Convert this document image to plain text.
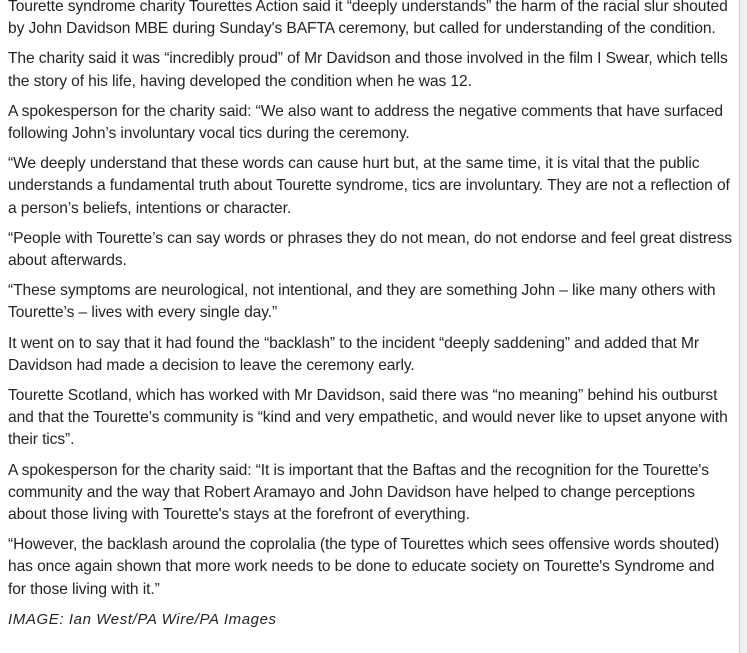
Tourette syndrome charity Tourettes Action said it “deeply understands” the harm of the racial slur shouted by John Davidson MBE during Sunday's BAFTA ceremony, but called for understanding of the condition.

The charity said it was “incredibly proud” of Mr Davidson and those involved in the film I Swear, which tells the story of his life, having developed the condition when he was 12.

A spokesperson for the charity said: “We also want to address the negative comments that have surfaced following John’s involuntary vocal tics during the ceremony.

“We deeply understand that these words can cause hurt but, at the same time, it is vital that the public understands a fundamental truth about Tourette syndrome, tics are involuntary. They are not a reflection of a person’s beliefs, intentions or character.

“People with Tourette’s can say words or phrases they do not mean, do not endorse and feel great distress about afterwards.

“These symptoms are neurological, not intentional, and they are something John – like many others with Tourette’s – lives with every single day.”

It went on to say that it had found the “backlash” to the incident “deeply saddening” and added that Mr Davidson had made a decision to leave the ceremony early.

Tourette Scotland, which has worked with Mr Davidson, said there was “no meaning” behind his outburst and that the Tourette’s community is “kind and very empathetic, and would never like to upset anyone with their tics”.

A spokesperson for the charity said: “It is important that the Baftas and the recognition for the Tourette's community and the way that Robert Aramayo and John Davidson have helped to change perceptions about those living with Tourette's stays at the forefront of everything.

“However, the backlash around the coprolalia (the type of Tourettes which sees offensive words shouted) has once again shown that more work needs to be done to educate society on Tourette's Syndrome and for those living with it.”

IMAGE: Ian West/PA Wire/PA Images
